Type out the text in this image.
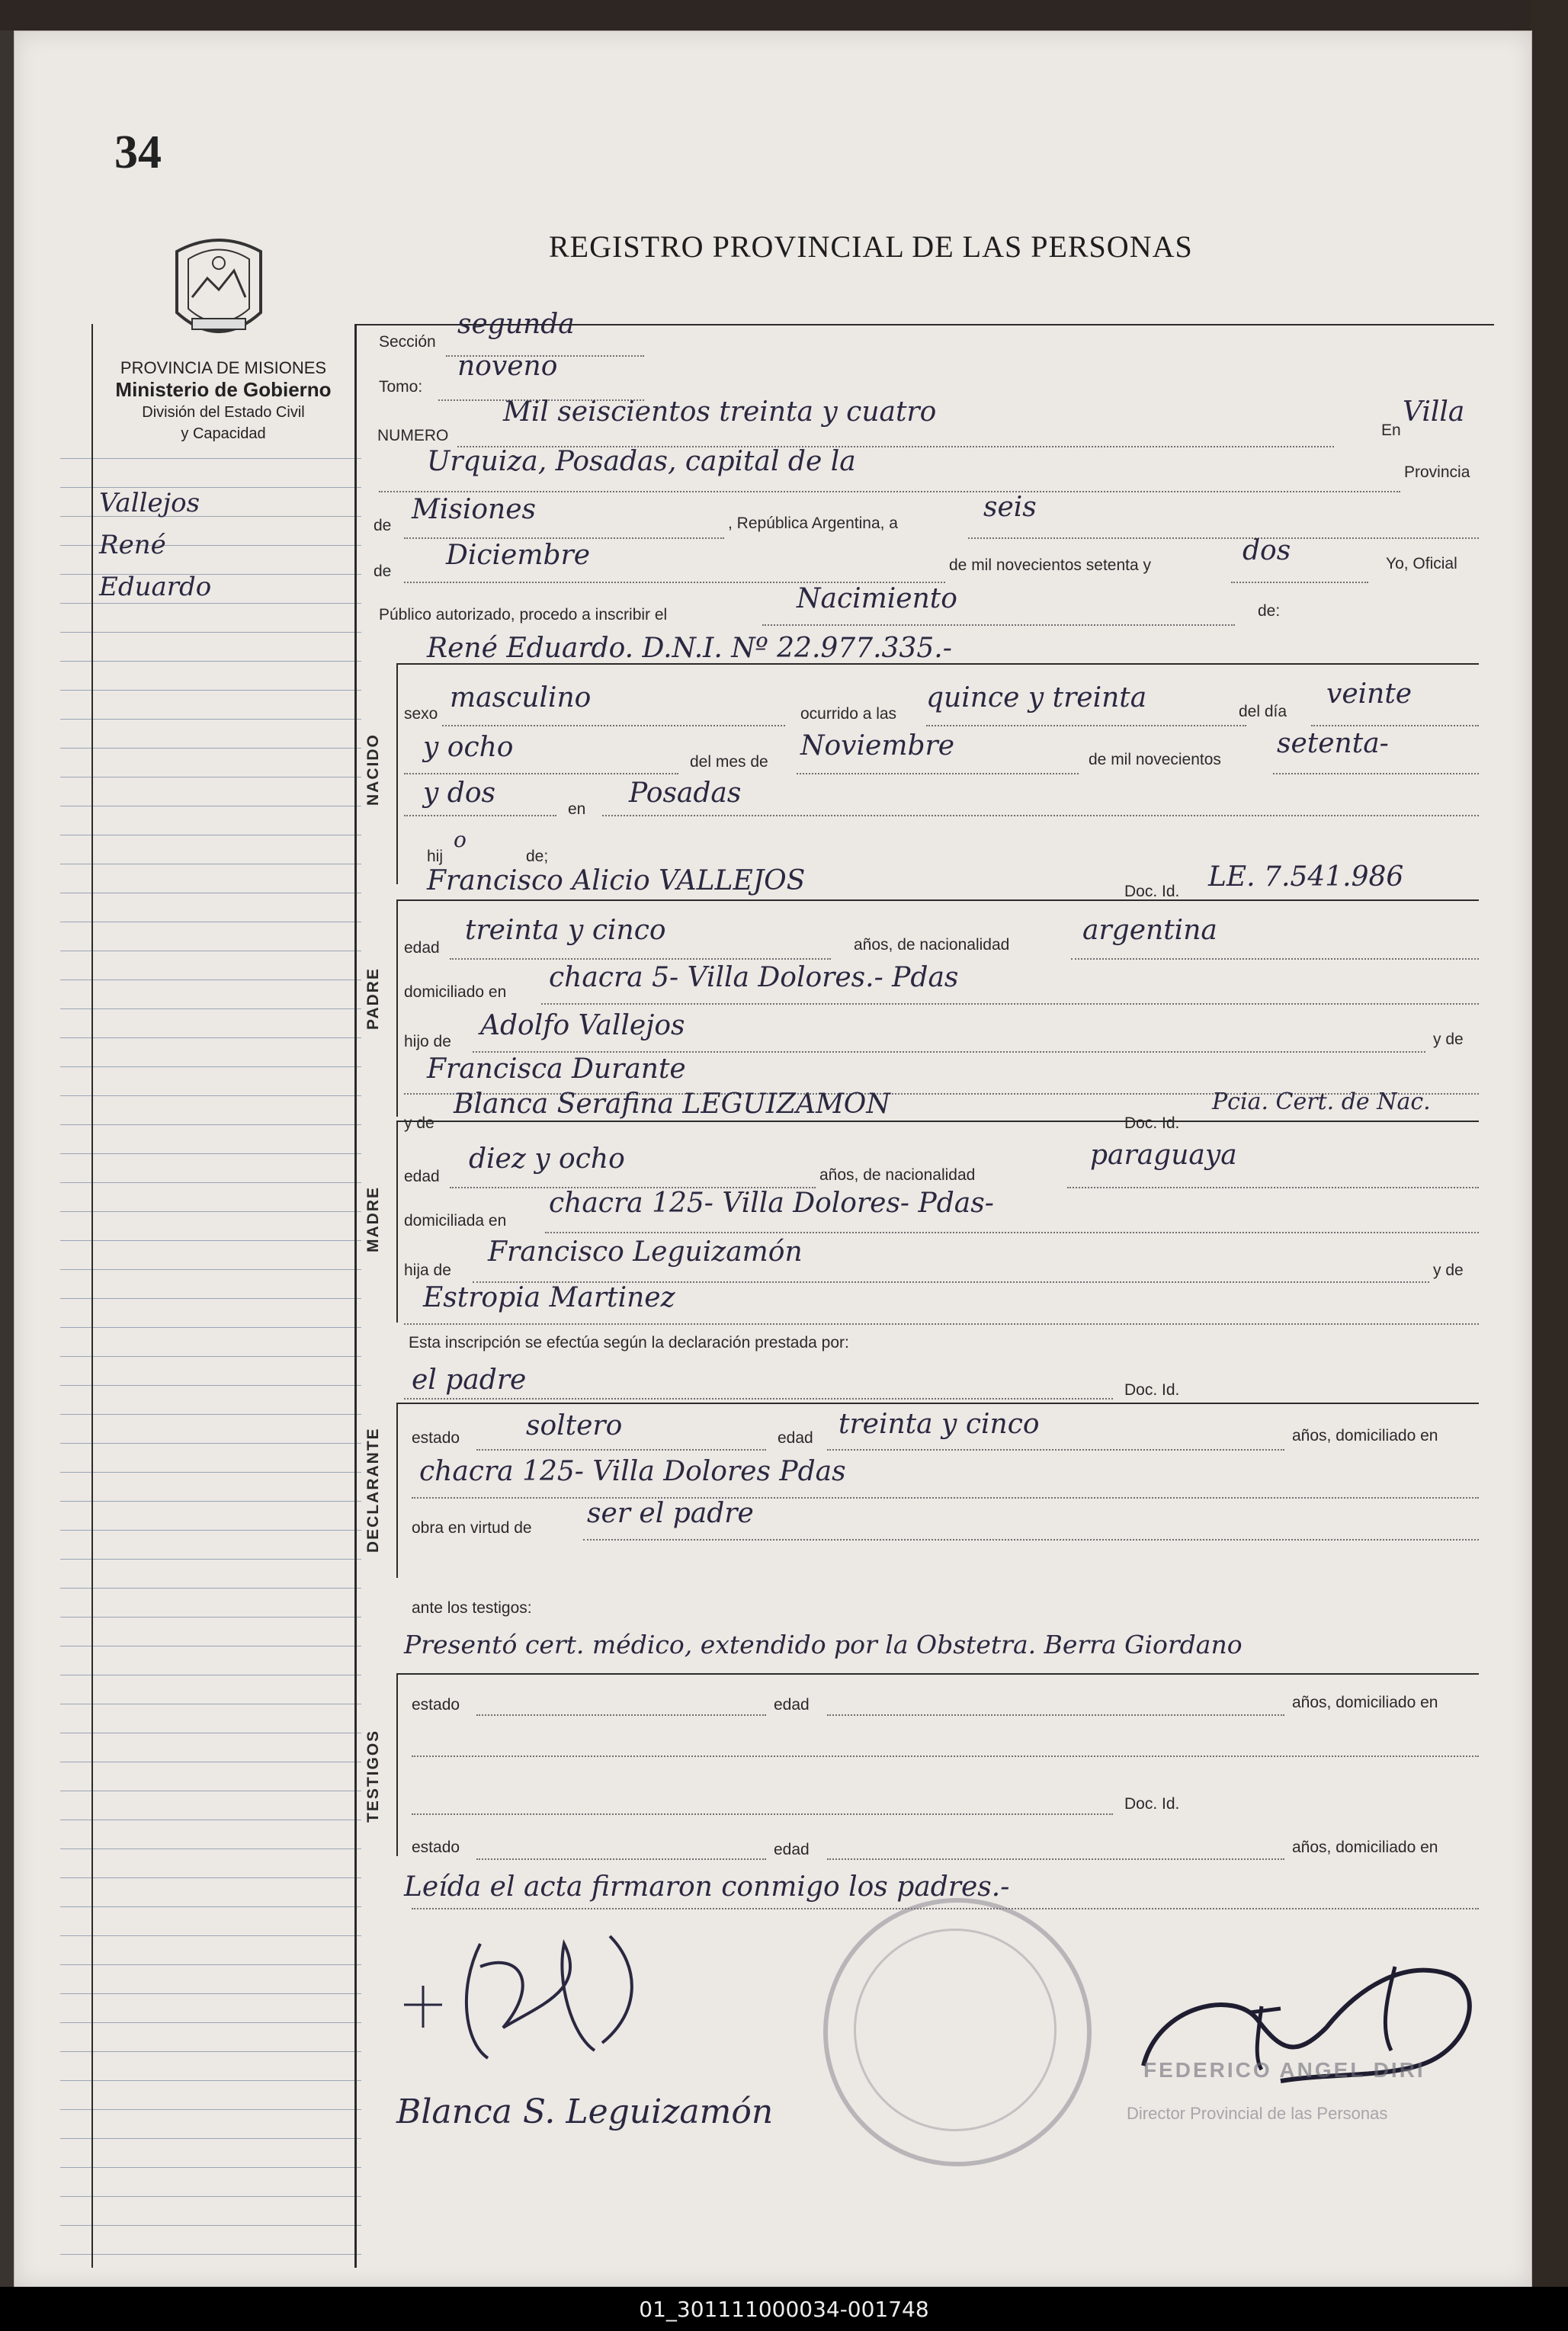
34
REGISTRO PROVINCIAL DE LAS PERSONAS
PROVINCIA DE MISIONES
Ministerio de Gobierno
División del Estado Civil
y Capacidad
Vallejos
René
Eduardo
NACIDO
PADRE
MADRE
DECLARANTE
TESTIGOS
Sección
segunda
Tomo:
noveno
NUMERO
Mil seiscientos treinta y cuatro
En
Villa
Urquiza, Posadas, capital de la	Provincia
de
Misiones	, República Argentina, a
seis
de
Diciembre	de mil novecientos setenta y	dos	Yo, Oficial
Público autorizado, procedo a inscribir el
Nacimiento	de:
René Eduardo. D.N.I. Nº 22.977.335.-
sexo
masculino
ocurrido a las
quince y treinta	del día
veinte
y ocho	del mes de
Noviembre	de mil novecientos
setenta-
y dos
en
Posadas
hij
o
de;
Francisco Alicio VALLEJOS	Doc. Id. LE. 7.541.986
edad
treinta y cinco	años, de nacionalidad	argentina
domiciliado en chacra 5- Villa Dolores.- Pdas
hijo de
Adolfo Vallejos	y de
Francisca Durante
y de
Blanca Serafina LEGUIZAMON
Doc. Id.
Pcia. Cert. de Nac.
edad
diez y ocho
años, de nacionalidad
paraguaya
domiciliada en
chacra 125- Villa Dolores- Pdas-
hija de
Francisco Leguizamón
y de
Estropia Martinez
Esta inscripción se efectúa según la declaración prestada por:
el padre	Doc. Id.
estado soltero	edad treinta y cinco	años, domiciliado en
chacra 125- Villa Dolores Pdas
obra en virtud de ser el padre
ante los testigos:
Presentó cert. médico, extendido por la Obstetra. Berra Giordano
estado	edad	años, domiciliado en
Doc. Id.
estado	edad	años, domiciliado en
Leída el acta firmaron conmigo los padres.-
Blanca S. Leguizamón
FEDERICO ANGEL DIRI
Director Provincial de las Personas
01_301111000034-001748
